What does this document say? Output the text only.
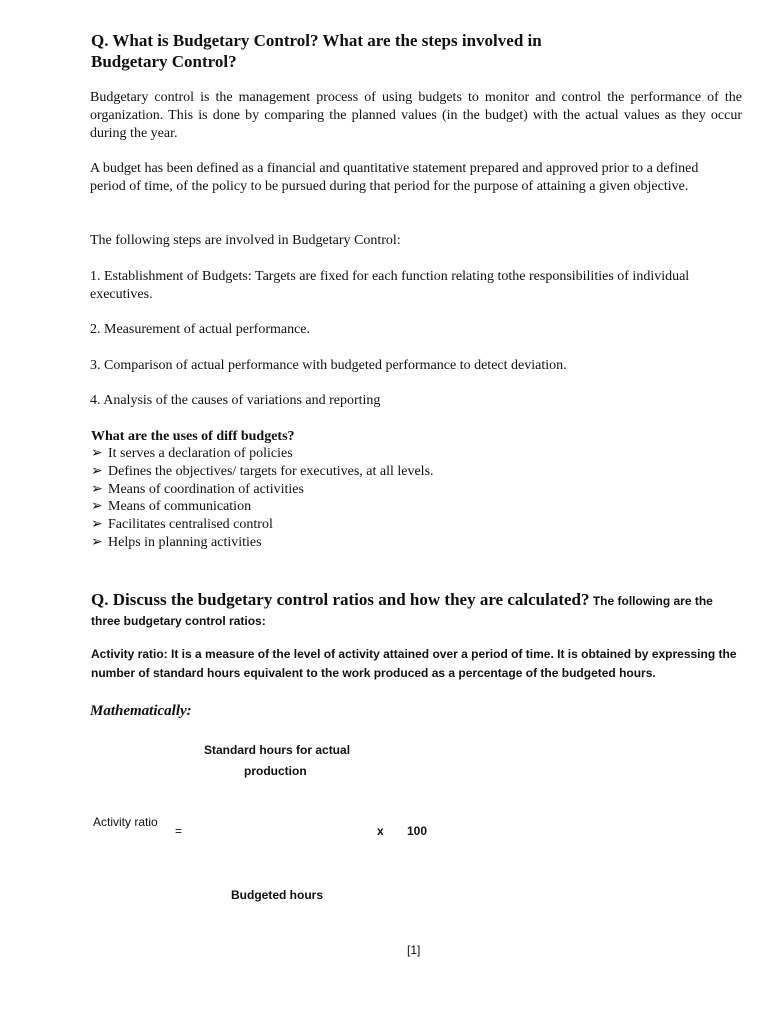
Q. What is Budgetary Control? What are the steps involved in
Budgetary Control?

Budgetary control is the management process of using budgets to monitor and control the performance of the organization. This is done by comparing the planned values (in the budget) with the actual values as they occur during the year.

A budget has been defined as a financial and quantitative statement prepared and approved prior to a defined period of time, of the policy to be pursued during that period for the purpose of attaining a given objective.

The following steps are involved in Budgetary Control:

1. Establishment of Budgets: Targets are fixed for each function relating tothe responsibilities of individual executives.

2. Measurement of actual performance.

3. Comparison of actual performance with budgeted performance to detect deviation.

4. Analysis of the causes of variations and reporting

What are the uses of diff budgets?

➢ It serves a declaration of policies
➢ Defines the objectives/ targets for executives, at all levels.
➢ Means of coordination of activities
➢ Means of communication
➢ Facilitates centralised control
➢ Helps in planning activities

Q. Discuss the budgetary control ratios and how they are calculated? The following are the three budgetary control ratios:

Activity ratio: It is a measure of the level of activity attained over a period of time. It is obtained by expressing the number of standard hours equivalent to the work produced as a percentage of the budgeted hours.

Mathematically:

Standard hours for actual
production

Activity ratio

=	x 100

Budgeted hours

[1]
